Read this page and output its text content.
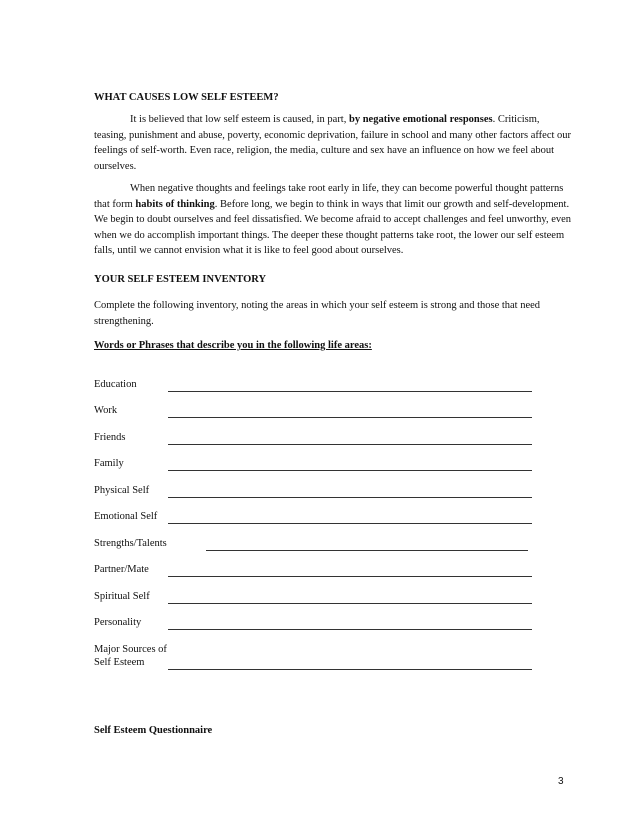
WHAT CAUSES LOW SELF ESTEEM?
It is believed that low self esteem is caused, in part, by negative emotional responses. Criticism, teasing, punishment and abuse, poverty, economic deprivation, failure in school and many other factors affect our feelings of self-worth. Even race, religion, the media, culture and sex have an influence on how we feel about ourselves.
When negative thoughts and feelings take root early in life, they can become powerful thought patterns that form habits of thinking. Before long, we begin to think in ways that limit our growth and self-development. We begin to doubt ourselves and feel dissatisfied. We become afraid to accept challenges and feel unworthy, even when we do accomplish important things. The deeper these thought patterns take root, the lower our self esteem falls, until we cannot envision what it is like to feel good about ourselves.
YOUR SELF ESTEEM INVENTORY
Complete the following inventory, noting the areas in which your self esteem is strong and those that need strengthening.
Words or Phrases that describe you in the following life areas:
Education
Work
Friends
Family
Physical Self
Emotional Self
Strengths/Talents
Partner/Mate
Spiritual Self
Personality
Major Sources of
Self Esteem
Self Esteem Questionnaire
3
